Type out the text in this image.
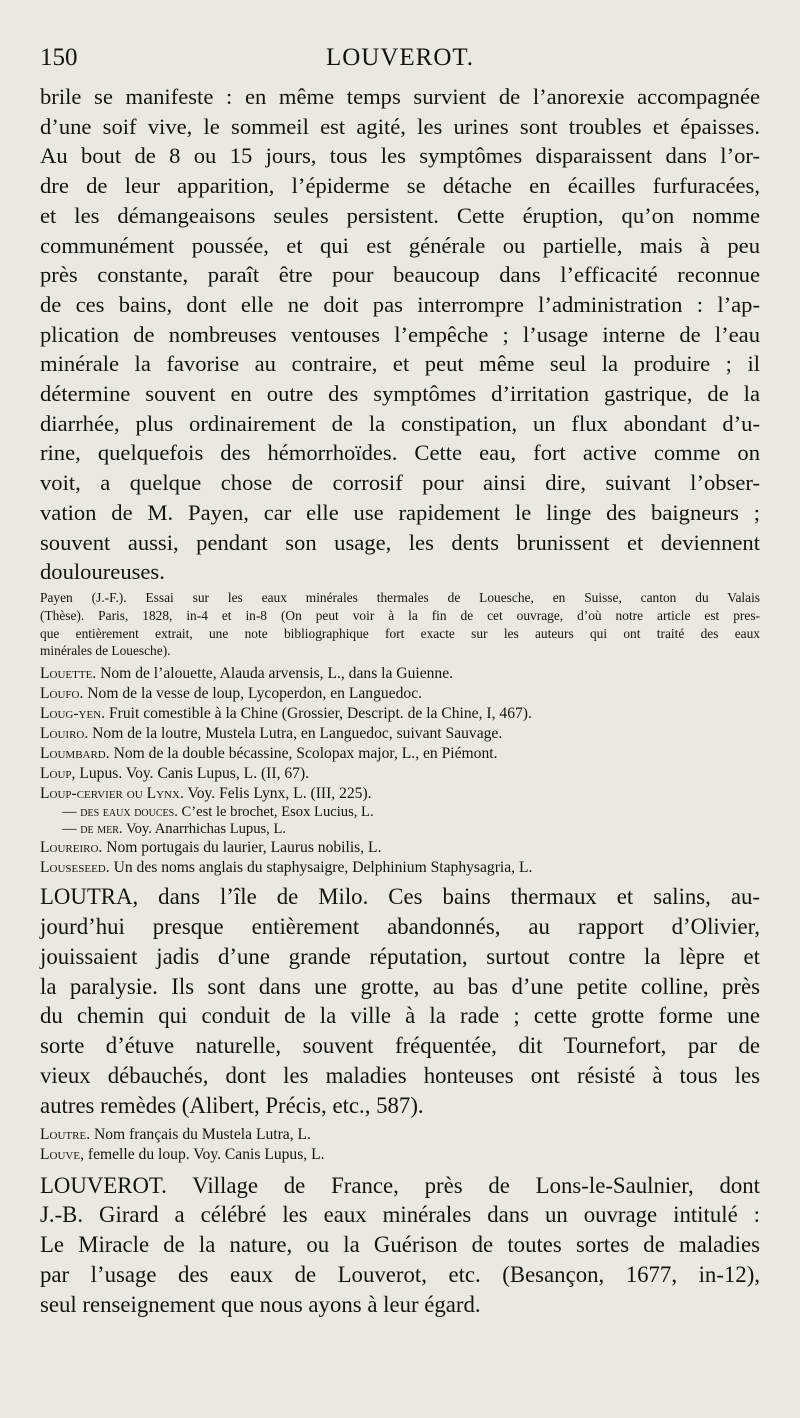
150	LOUVEROT.
brile se manifeste : en même temps survient de l’anorexie accompagnée
d’une soif vive, le sommeil est agité, les urines sont troubles et épaisses.
Au bout de 8 ou 15 jours, tous les symptômes disparaissent dans l’or-
dre de leur apparition, l’épiderme se détache en écailles furfuracées,
et les démangeaisons seules persistent. Cette éruption, qu’on nomme
communément poussée, et qui est générale ou partielle, mais à peu
près constante, paraît être pour beaucoup dans l’efficacité reconnue
de ces bains, dont elle ne doit pas interrompre l’administration : l’ap-
plication de nombreuses ventouses l’empêche ; l’usage interne de l’eau
minérale la favorise au contraire, et peut même seul la produire ; il
détermine souvent en outre des symptômes d’irritation gastrique, de la
diarrhée, plus ordinairement de la constipation, un flux abondant d’u-
rine, quelquefois des hémorrhoïdes. Cette eau, fort active comme on
voit, a quelque chose de corrosif pour ainsi dire, suivant l’obser-
vation de M. Payen, car elle use rapidement le linge des baigneurs ;
souvent aussi, pendant son usage, les dents brunissent et deviennent
douloureuses.
Payen (J.-F.). Essai sur les eaux minérales thermales de Louesche, en Suisse, canton du Valais
(Thèse). Paris, 1828, in-4 et in-8 (On peut voir à la fin de cet ouvrage, d’où notre article est pres-
que entièrement extrait, une note bibliographique fort exacte sur les auteurs qui ont traité des eaux
minérales de Louesche).

Louette. Nom de l’alouette, Alauda arvensis, L., dans la Guienne.

Loufo. Nom de la vesse de loup, Lycoperdon, en Languedoc.

Loug-yen. Fruit comestible à la Chine (Grossier, Descript. de la Chine, I, 467).

Louiro. Nom de la loutre, Mustela Lutra, en Languedoc, suivant Sauvage.

Loumbard. Nom de la double bécassine, Scolopax major, L., en Piémont.

Loup, Lupus. Voy. Canis Lupus, L. (II, 67).

Loup-cervier ou Lynx. Voy. Felis Lynx, L. (III, 225).

— des eaux douces. C’est le brochet, Esox Lucius, L.

— de mer. Voy. Anarrhichas Lupus, L.

Loureiro. Nom portugais du laurier, Laurus nobilis, L.

Louseseed. Un des noms anglais du staphysaigre, Delphinium Staphysagria, L.

LOUTRA, dans l’île de Milo. Ces bains thermaux et salins, au-
jourd’hui presque entièrement abandonnés, au rapport d’Olivier,
jouissaient jadis d’une grande réputation, surtout contre la lèpre et
la paralysie. Ils sont dans une grotte, au bas d’une petite colline, près
du chemin qui conduit de la ville à la rade ; cette grotte forme une
sorte d’étuve naturelle, souvent fréquentée, dit Tournefort, par de
vieux débauchés, dont les maladies honteuses ont résisté à tous les
autres remèdes (Alibert, Précis, etc., 587).

Loutre. Nom français du Mustela Lutra, L.

Louve, femelle du loup. Voy. Canis Lupus, L.

LOUVEROT. Village de France, près de Lons-le-Saulnier, dont
J.-B. Girard a célébré les eaux minérales dans un ouvrage intitulé :
Le Miracle de la nature, ou la Guérison de toutes sortes de maladies
par l’usage des eaux de Louverot, etc. (Besançon, 1677, in-12),
seul renseignement que nous ayons à leur égard.
